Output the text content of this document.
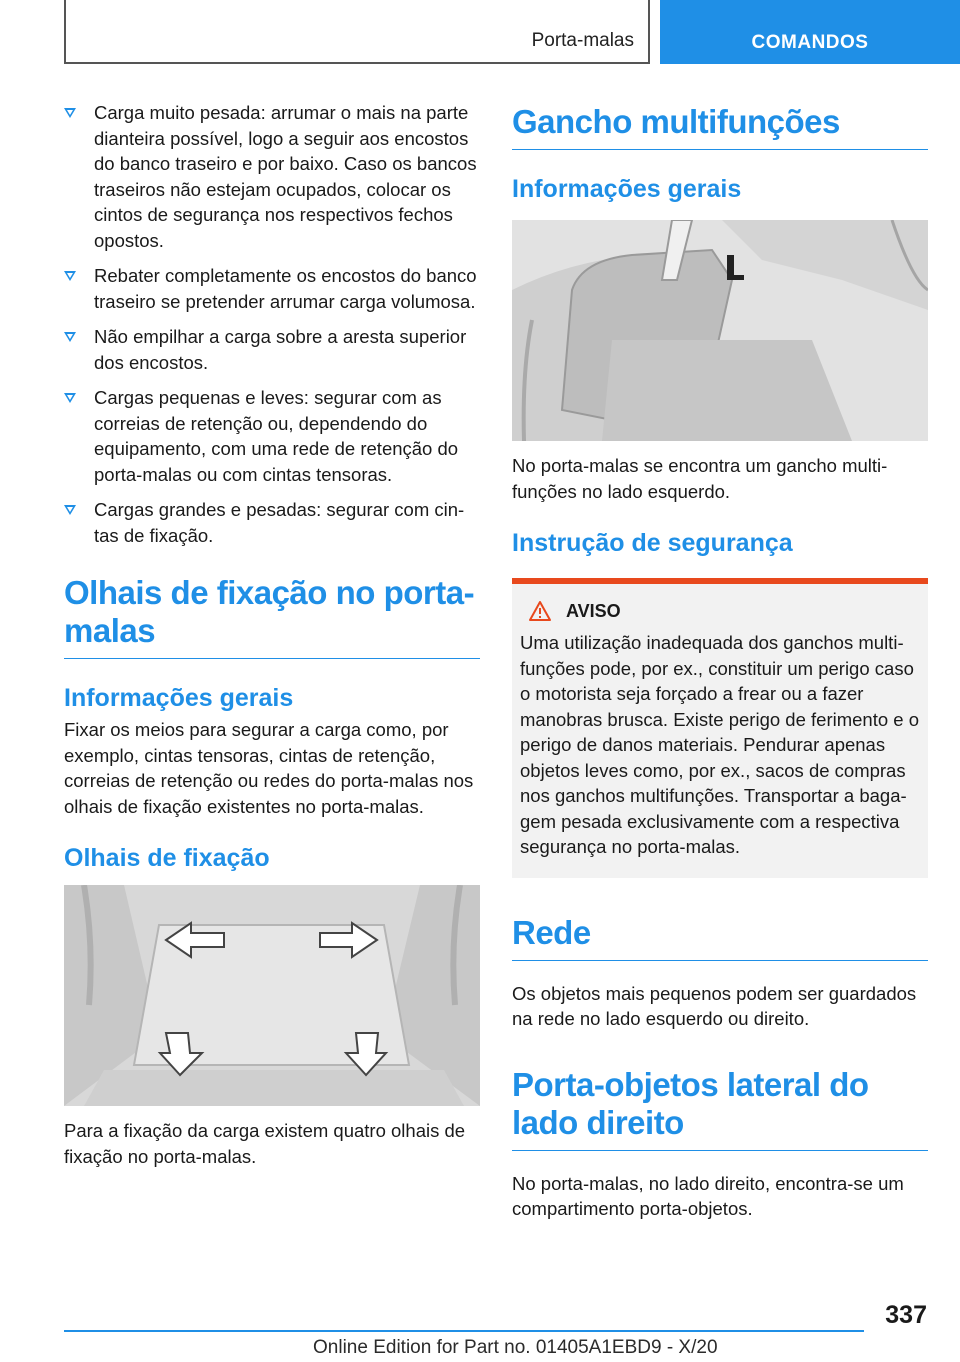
Porta-malas	COMANDOS
Carga muito pesada: arrumar o mais na parte dianteira possível, logo a seguir aos encostos do banco traseiro e por baixo. Caso os bancos traseiros não estejam ocupados, colocar os cintos de segurança nos respectivos fechos opostos.
Rebater completamente os encostos do banco traseiro se pretender arrumar carga volumosa.
Não empilhar a carga sobre a aresta superior dos encostos.
Cargas pequenas e leves: segurar com as correias de retenção ou, dependendo do equipamento, com uma rede de retenção do porta-malas ou com cintas tensoras.
Cargas grandes e pesadas: segurar com cintas de fixação.
Olhais de fixação no porta-malas
Informações gerais
Fixar os meios para segurar a carga como, por exemplo, cintas tensoras, cintas de retenção, correias de retenção ou redes do porta-malas nos olhais de fixação existentes no porta-malas.
Olhais de fixação
Para a fixação da carga existem quatro olhais de fixação no porta-malas.
Gancho multifunções
Informações gerais
No porta-malas se encontra um gancho multifunções no lado esquerdo.
Instrução de segurança
AVISO
Uma utilização inadequada dos ganchos multifunções pode, por ex., constituir um perigo caso o motorista seja forçado a frear ou a fazer manobras brusca. Existe perigo de ferimento e o perigo de danos materiais. Pendurar apenas objetos leves como, por ex., sacos de compras nos ganchos multifunções. Transportar a bagagem pesada exclusivamente com a respectiva segurança no porta-malas.
Rede
Os objetos mais pequenos podem ser guardados na rede no lado esquerdo ou direito.
Porta-objetos lateral do lado direito
No porta-malas, no lado direito, encontra-se um compartimento porta-objetos.
337
Online Edition for Part no. 01405A1EBD9 - X/20
